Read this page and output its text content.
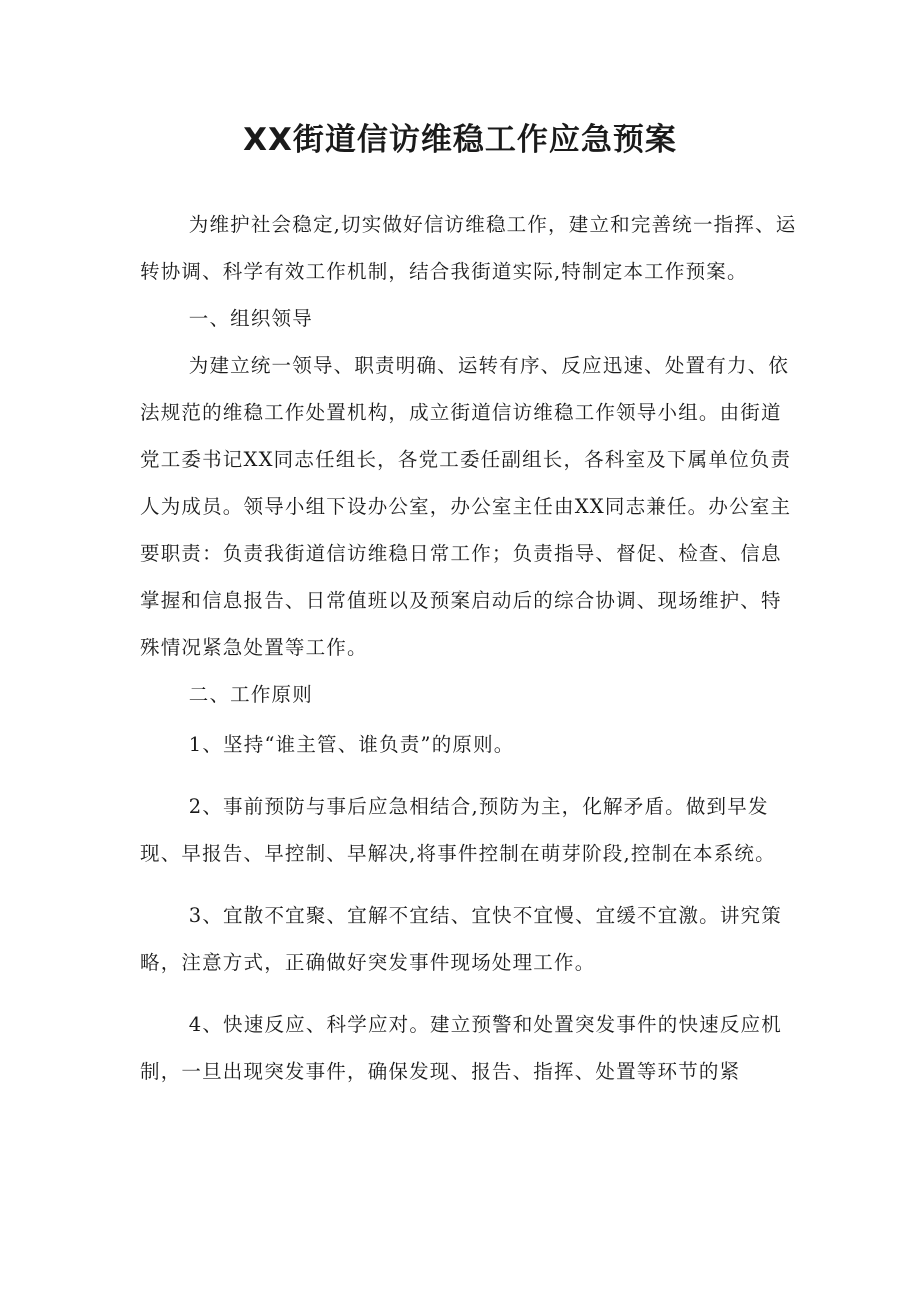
XX街道信访维稳工作应急预案

为维护社会稳定,切实做好信访维稳工作，建立和完善统一指挥、运转协调、科学有效工作机制，结合我街道实际,特制定本工作预案。

一、组织领导

为建立统一领导、职责明确、运转有序、反应迅速、处置有力、依法规范的维稳工作处置机构，成立街道信访维稳工作领导小组。由街道党工委书记XX同志任组长，各党工委任副组长，各科室及下属单位负责人为成员。领导小组下设办公室，办公室主任由XX同志兼任。办公室主要职责：负责我街道信访维稳日常工作；负责指导、督促、检查、信息掌握和信息报告、日常值班以及预案启动后的综合协调、现场维护、特殊情况紧急处置等工作。

二、工作原则

1、坚持“谁主管、谁负责”的原则。

2、事前预防与事后应急相结合,预防为主，化解矛盾。做到早发现、早报告、早控制、早解决,将事件控制在萌芽阶段,控制在本系统。

3、宜散不宜聚、宜解不宜结、宜快不宜慢、宜缓不宜激。讲究策略，注意方式，正确做好突发事件现场处理工作。

4、快速反应、科学应对。建立预警和处置突发事件的快速反应机制，一旦出现突发事件，确保发现、报告、指挥、处置等环节的紧
